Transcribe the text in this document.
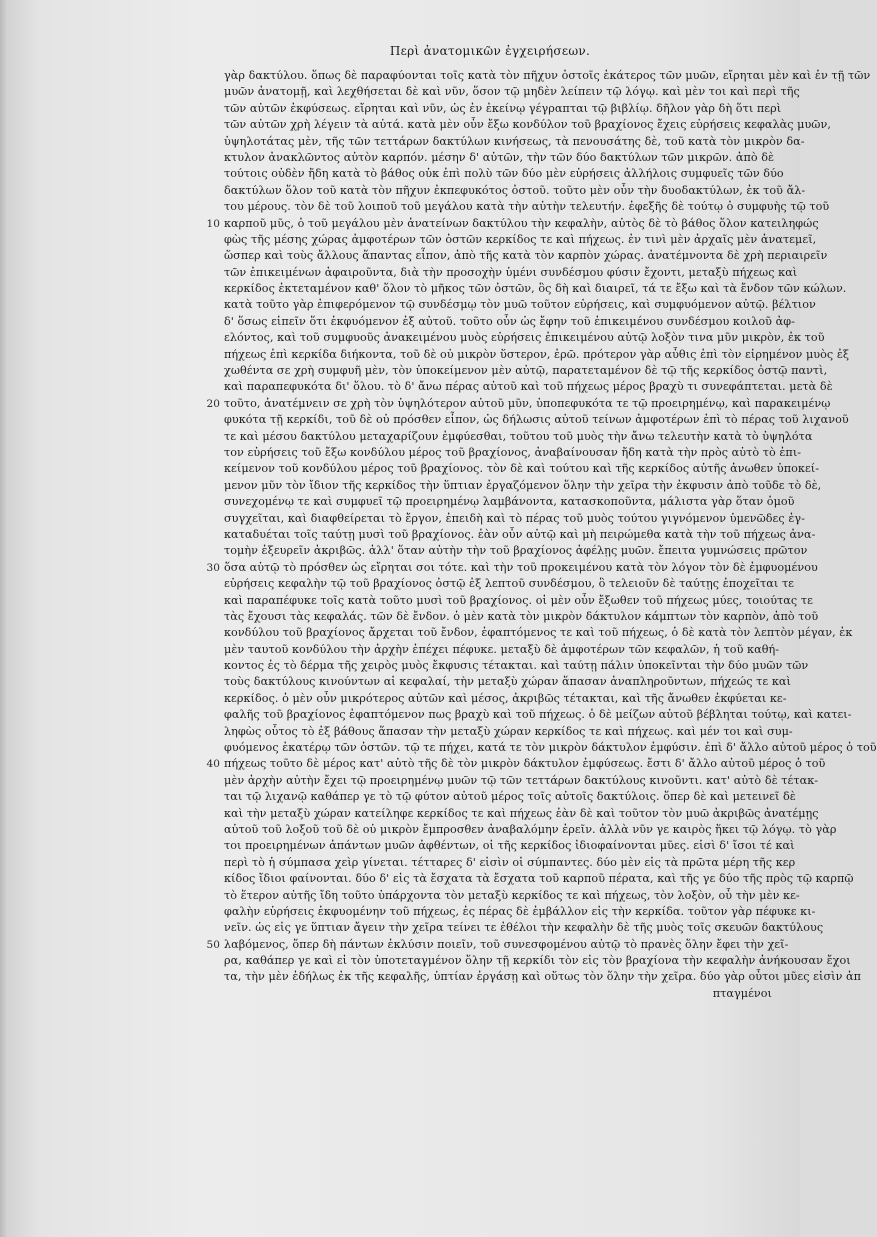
Περὶ ἀνατομικῶν ἐγχειρήσεων.
γὰρ δακτύλου. ὅπως δὲ παραφύονται τοῖς κατὰ τὸν πῆχυν ὀστοῖς ἑκάτερος τῶν μυῶν, εἴρηται μὲν καὶ ἐν τῇ τῶν
μυῶν ἀνατομῇ, καὶ λεχθήσεται δὲ καὶ νῦν, ὅσον τῷ μηδὲν λείπειν τῷ λόγῳ. καὶ μὲν τοι καὶ περὶ τῆς
τῶν αὐτῶν ἐκφύσεως. εἴρηται καὶ νῦν, ὡς ἐν ἐκείνῳ γέγραπται τῷ βιβλίῳ. δῆλον γὰρ δὴ ὅτι περὶ
τῶν αὐτῶν χρὴ λέγειν τὰ αὐτά. κατὰ μὲν οὖν ἔξω κονδύλον τοῦ βραχίονος ἔχεις εὑρήσεις κεφαλὰς μυῶν,
ὑψηλοτάτας μὲν, τῆς τῶν τεττάρων δακτύλων κινήσεως, τὰ πενουσάτης δὲ, τοῦ κατὰ τὸν μικρὸν δα-
κτυλον ἀνακλῶντος αὐτὸν καρπόν. μέσην δ' αὐτῶν, τὴν τῶν δύο δακτύλων τῶν μικρῶν. ἀπὸ δὲ
τούτοις οὐδὲν ἤδη κατὰ τὸ βάθος οὐκ ἐπὶ πολὺ τῶν δύο μὲν εὑρήσεις ἀλλήλοις συμφυεῖς τῶν δύο
δακτύλων ὅλον τοῦ κατὰ τὸν πῆχυν ἐκπεφυκότος ὀστοῦ. τοῦτο μὲν οὖν τὴν δυοδακτύλων, ἐκ τοῦ ἄλ-
του μέρους. τὸν δὲ τοῦ λοιποῦ τοῦ μεγάλου κατὰ τὴν αὐτὴν τελευτήν. ἐφεξῆς δὲ τούτῳ ὁ συμφυὴς τῷ τοῦ
καρποῦ μῦς, ὁ τοῦ μεγάλου μὲν ἀνατείνων δακτύλου τὴν κεφαλὴν, αὐτὸς δὲ τὸ βάθος ὅλον κατειληφώς
10
φὼς τῆς μέσης χώρας ἀμφοτέρων τῶν ὀστῶν κερκίδος τε καὶ πήχεως. ἐν τινὶ μὲν ἀρχαῖς μὲν ἀνατεμεῖ,
ὥσπερ καὶ τοὺς ἄλλους ἅπαντας εἶπον, ἀπὸ τῆς κατὰ τὸν καρπὸν χώρας. ἀνατέμνοντα δὲ χρὴ περιαιρεῖν
τῶν ἐπικειμένων ἀφαιροῦντα, διὰ τὴν προσοχὴν ὑμένι συνδέσμου φύσιν ἔχοντι, μεταξὺ πήχεως καὶ
κερκίδος ἐκτεταμένον καθ' ὅλον τὸ μῆκος τῶν ὀστῶν, ὃς δὴ καὶ διαιρεῖ, τά τε ἔξω καὶ τὰ ἔνδον τῶν κώλων.
κατὰ τοῦτο γὰρ ἐπιφερόμενον τῷ συνδέσμῳ τὸν μυῶ τοῦτον εὑρήσεις, καὶ συμφυόμενον αὐτῷ. βέλτιον
δ' ὅσως εἰπεῖν ὅτι ἐκφυόμενον ἐξ αὐτοῦ. τοῦτο οὖν ὡς ἔφην τοῦ ἐπικειμένου συνδέσμου κοιλοῦ ἀφ-
ελόντος, καὶ τοῦ συμφυοῦς ἀνακειμένου μυὸς εὑρήσεις ἐπικειμένου αὐτῷ λοξὸν τινα μῦν μικρὸν, ἐκ τοῦ
πήχεως ἐπὶ κερκίδα διήκοντα, τοῦ δὲ οὐ μικρὸν ὕστερον, ἐρῶ. πρότερον γὰρ αὖθις ἐπὶ τὸν εἰρημένον μυὸς ἐξ
χωθέντα σε χρὴ συμφυῆ μὲν, τὸν ὑποκείμενον μὲν αὐτῷ, παρατεταμένον δὲ τῷ τῆς κερκίδος ὀστῷ παντὶ,
καὶ παραπεφυκότα δι' ὅλου. τὸ δ' ἄνω πέρας αὐτοῦ καὶ τοῦ πήχεως μέρος βραχὺ τι συνεφάπτεται. μετὰ δὲ
τοῦτο, ἀνατέμνειν σε χρὴ τὸν ὑψηλότερον αὐτοῦ μῦν, ὑποπεφυκότα τε τῷ προειρημένῳ, καὶ παρακειμένῳ
20
φυκότα τῇ κερκίδι, τοῦ δὲ οὐ πρόσθεν εἶπον, ὡς δήλωσις αὐτοῦ τείνων ἀμφοτέρων ἐπὶ τὸ πέρας τοῦ λιχανοῦ
τε καὶ μέσου δακτύλου μεταχαρίζουν ἐμφύεσθαι, τοῦτου τοῦ μυὸς τὴν ἄνω τελευτὴν κατὰ τὸ ὑψηλότα
τον εὑρήσεις τοῦ ἔξω κονδύλου μέρος τοῦ βραχίονος, ἀναβαίνουσαν ἤδη κατὰ τὴν πρὸς αὐτὸ τὸ ἐπι-
κείμενον τοῦ κονδύλου μέρος τοῦ βραχίονος. τὸν δὲ καὶ τούτου καὶ τῆς κερκίδος αὐτῆς ἀνωθεν ὑποκεί-
μενον μῦν τὸν ἴδιον τῆς κερκίδος τὴν ὕπτιαν ἐργαζόμενον ὅλην τὴν χεῖρα τὴν ἐκφυσιν ἀπὸ τοῦδε τὸ δὲ,
συνεχομένῳ τε καὶ συμφυεῖ τῷ προειρημένῳ λαμβάνοντα, κατασκοποῦντα, μάλιστα γὰρ ὅταν ὁμοῦ
συγχεῖται, καὶ διαφθείρεται τὸ ἔργον, ἐπειδὴ καὶ τὸ πέρας τοῦ μυὸς τούτου γιγνόμενον ὑμενῶδες ἐγ-
καταδυέται τοῖς ταύτῃ μυσὶ τοῦ βραχίονος. ἐὰν οὖν αὐτῷ καὶ μὴ πειρώμεθα κατὰ τὴν τοῦ πήχεως ἀνα-
τομὴν ἐξευρεῖν ἀκριβῶς. ἀλλ' ὅταν αὐτὴν τὴν τοῦ βραχίονος ἀφέλῃς μυῶν. ἔπειτα γυμνώσεις πρῶτον
ὅσα αὐτῷ τὸ πρόσθεν ὡς εἴρηται σοι τότε. καὶ τὴν τοῦ προκειμένου κατὰ τὸν λόγον τὸν δὲ ἐμφυομένου
30
εὑρήσεις κεφαλὴν τῷ τοῦ βραχίονος ὀστῷ ἐξ λεπτοῦ συνδέσμου, ὃ τελειοῦν δὲ ταύτῃς ἐποχεῖται τε
καὶ παραπέφυκε τοῖς κατὰ τοῦτο μυσὶ τοῦ βραχίονος. οἱ μὲν οὖν ἔξωθεν τοῦ πήχεως μύες, τοιούτας τε
τὰς ἔχουσι τὰς κεφαλάς. τῶν δὲ ἔνδον. ὁ μὲν κατὰ τὸν μικρὸν δάκτυλον κάμπτων τὸν καρπὸν, ἀπὸ τοῦ
κονδύλου τοῦ βραχίονος ἄρχεται τοῦ ἔνδον, ἐφαπτόμενος τε καὶ τοῦ πήχεως, ὁ δὲ κατὰ τὸν λεπτὸν μέγαν, ἐκ
μὲν ταυτοῦ κονδύλου τὴν ἀρχὴν ἐπέχει πέφυκε. μεταξὺ δὲ ἀμφοτέρων τῶν κεφαλῶν, ἡ τοῦ καθή-
κοντος ἐς τὸ δέρμα τῆς χειρὸς μυὸς ἔκφυσις τέτακται. καὶ ταύτῃ πάλιν ὑποκεῖνται τὴν δύο μυῶν τῶν
τοὺς δακτύλους κινούντων αἱ κεφαλαί, τὴν μεταξὺ χώραν ἅπασαν ἀναπληροῦντων, πήχεώς τε καὶ
κερκίδος. ὁ μὲν οὖν μικρότερος αὐτῶν καὶ μέσος, ἀκριβῶς τέτακται, καὶ τῆς ἄνωθεν ἐκφύεται κε-
φαλῆς τοῦ βραχίονος ἐφαπτόμενον πως βραχὺ καὶ τοῦ πήχεως. ὁ δὲ μείζων αὐτοῦ βέβληται τούτῳ, καὶ κατει-
ληφὼς οὗτος τὸ ἐξ βάθους ἅπασαν τὴν μεταξὺ χώραν κερκίδος τε καὶ πήχεως. καὶ μέν τοι καὶ συμ-
φυόμενος ἑκατέρῳ τῶν ὀστῶν. τῷ τε πήχει, κατά τε τὸν μικρὸν δάκτυλον ἐμφύσιν. ἐπὶ δ' ἄλλο αὐτοῦ μέρος ὁ τοῦ
πήχεως τοῦτο δὲ μέρος κατ' αὐτὸ τῆς δὲ τὸν μικρὸν δάκτυλον ἐμφύσεως. ἔστι δ' ἄλλο αὐτοῦ μέρος ὁ τοῦ
40
μὲν ἀρχὴν αὐτὴν ἔχει τῷ προειρημένῳ μυῶν τῷ τῶν τεττάρων δακτύλους κινοῦντι. κατ' αὐτὸ δὲ τέτακ-
ται τῷ λιχανῷ καθάπερ γε τὸ τῷ φύτον αὐτοῦ μέρος τοῖς αὐτοῖς δακτύλοις. ὅπερ δὲ καὶ μετεινεῖ δὲ
καὶ τὴν μεταξὺ χώραν κατείληφε κερκίδος τε καὶ πήχεως ἐὰν δὲ καὶ τοῦτον τὸν μυῶ ἀκριβῶς ἀνατέμῃς
αὐτοῦ τοῦ λοξοῦ τοῦ δὲ οὐ μικρὸν ἔμπροσθεν ἀναβαλόμην ἐρεῖν. ἀλλὰ νῦν γε καιρὸς ἥκει τῷ λόγῳ. τὸ γὰρ
τοι προειρημένων ἁπάντων μυῶν ἀφθέντων, οἱ τῆς κερκίδος ἰδιοφαίνονται μῦες. εἰσὶ δ' ἴσοι τέ καὶ
περὶ τὸ ἡ σύμπασα χεὶρ γίνεται. τέτταρες δ' εἰσὶν οἱ σύμπαντες. δύο μὲν εἰς τὰ πρῶτα μέρη τῆς κερ
κίδος ἴδιοι φαίνονται. δύο δ' εἰς τὰ ἔσχατα τὰ ἔσχατα τοῦ καρποῦ πέρατα, καὶ τῆς γε δύο τῆς πρὸς τῷ καρπῷ
τὸ ἕτερον αὐτῆς ἴδη τοῦτο ὑπάρχοντα τὸν μεταξὺ κερκίδος τε καὶ πήχεως, τὸν λοξὸν, οὗ τὴν μὲν κε-
φαλὴν εὑρήσεις ἐκφυομένην τοῦ πήχεως, ἐς πέρας δὲ ἐμβάλλον εἰς τὴν κερκίδα. τοῦτον γὰρ πέφυκε κι-
νεῖν. ὡς εἰς γε ὕπτιαν ἄγειν τὴν χεῖρα τείνει τε ἐθέλοι τὴν κεφαλὴν δὲ τῆς μυὸς τοῖς σκευῶν δακτύλους
λαβόμενος, ὅπερ δὴ πάντων ἐκλύσιν ποιεῖν, τοῦ συνεσφομένου αὐτῷ τὸ πρανὲς ὅλην ἔφει τὴν χεῖ-
50
ρα, καθάπερ γε καὶ εἰ τὸν ὑποτεταγμένον ὅλην τῇ κερκίδι τὸν εἰς τὸν βραχίονα τὴν κεφαλὴν ἀνήκουσαν ἔχοι
τα, τὴν μὲν ἐδήλως ἐκ τῆς κεφαλῆς, ὑπτίαν ἐργάσῃ καὶ οὕτως τὸν ὅλην τὴν χεῖρα. δύο γὰρ οὗτοι μῦες εἰσὶν ἀπ
πταγμένοι
